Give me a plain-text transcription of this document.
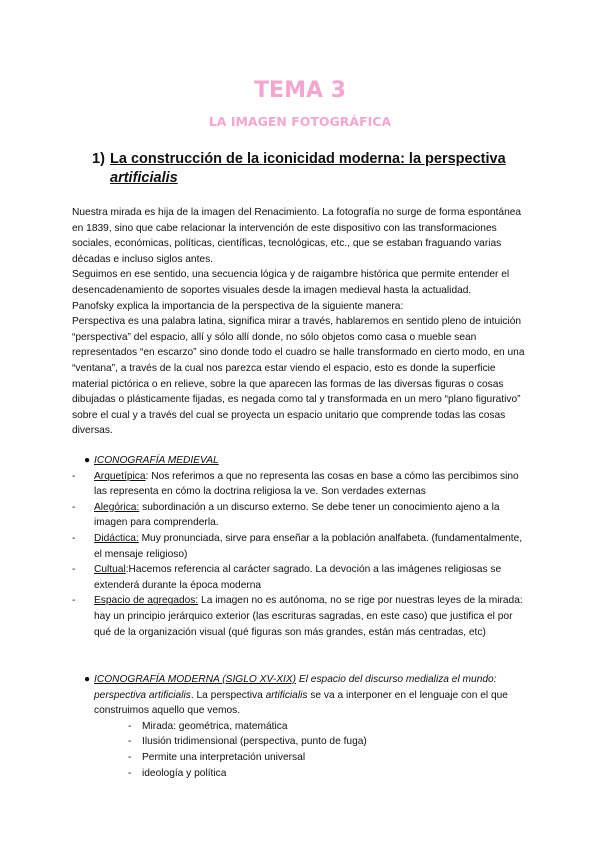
TEMA 3
LA IMAGEN FOTOGRÁFICA
1) La construcción de la iconicidad moderna: la perspectiva
artificialis

Nuestra mirada es hija de la imagen del Renacimiento. La fotografía no surge de forma espontánea en 1839, sino que cabe relacionar la intervención de este dispositivo con las transformaciones sociales, económicas, políticas, científicas, tecnológicas, etc., que se estaban fraguando varias décadas e incluso siglos antes.

Seguimos en ese sentido, una secuencia lógica y de raigambre histórica que permite entender el desencadenamiento de soportes visuales desde la imagen medieval hasta la actualidad.

Panofsky explica la importancia de la perspectiva de la siguiente manera:

Perspectiva es una palabra latina, significa mirar a través, hablaremos en sentido pleno de intuición “perspectiva” del espacio, allí y sólo allí donde, no sólo objetos como casa o mueble sean representados “en escarzo” sino donde todo el cuadro se halle transformado en cierto modo, en una “ventana”, a través de la cual nos parezca estar viendo el espacio, esto es donde la superficie material pictórica o en relieve, sobre la que aparecen las formas de las diversas figuras o cosas dibujadas o plásticamente fijadas, es negada como tal y transformada en un mero “plano figurativo” sobre el cual y a través del cual se proyecta un espacio unitario que comprende todas las cosas diversas.

● ICONOGRAFÍA MEDIEVAL
- Arquetípica: Nos referimos a que no representa las cosas en base a cómo las percibimos sino las representa en cómo la doctrina religiosa la ve. Son verdades externas
- Alegórica: subordinación a un discurso externo. Se debe tener un conocimiento ajeno a la imagen para comprenderla.
- Didáctica: Muy pronunciada, sirve para enseñar a la población analfabeta. (fundamentalmente, el mensaje religioso)
- Cultual:Hacemos referencia al carácter sagrado. La devoción a las imágenes religiosas se extenderá durante la época moderna
- Espacio de agregados: La imagen no es autónoma, no se rige por nuestras leyes de la mirada: hay un principio jerárquico exterior (las escrituras sagradas, en este caso) que justifica el por qué de la organización visual (qué figuras son más grandes, están más centradas, etc)
● ICONOGRAFÍA MODERNA (SIGLO XV-XIX) El espacio del discurso medializa el mundo: perspectiva artificialis. La perspectiva artificialis se va a interponer en el lenguaje con el que construimos aquello que vemos.
- Mirada: geométrica, matemática
- Ilusión tridimensional (perspectiva, punto de fuga)
- Permite una interpretación universal
- ideología y política
